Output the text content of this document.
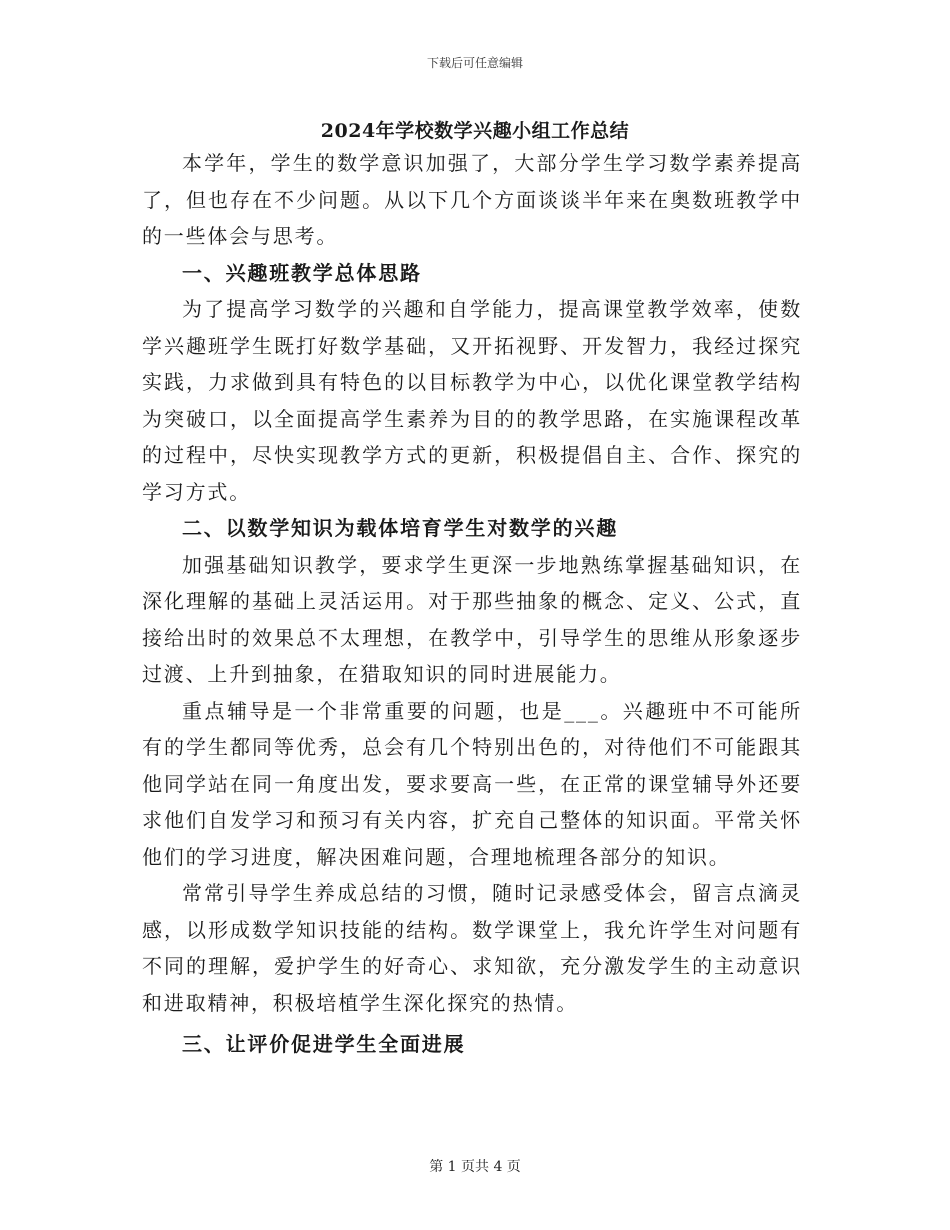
下载后可任意编辑
2024年学校数学兴趣小组工作总结

本学年，学生的数学意识加强了，大部分学生学习数学素养提高了，但也存在不少问题。从以下几个方面谈谈半年来在奥数班教学中的一些体会与思考。

一、兴趣班教学总体思路

为了提高学习数学的兴趣和自学能力，提高课堂教学效率，使数学兴趣班学生既打好数学基础，又开拓视野、开发智力，我经过探究实践，力求做到具有特色的以目标教学为中心，以优化课堂教学结构为突破口，以全面提高学生素养为目的的教学思路，在实施课程改革的过程中，尽快实现教学方式的更新，积极提倡自主、合作、探究的学习方式。

二、以数学知识为载体培育学生对数学的兴趣

加强基础知识教学，要求学生更深一步地熟练掌握基础知识，在深化理解的基础上灵活运用。对于那些抽象的概念、定义、公式，直接给出时的效果总不太理想，在教学中，引导学生的思维从形象逐步过渡、上升到抽象，在猎取知识的同时进展能力。

重点辅导是一个非常重要的问题，也是___。兴趣班中不可能所有的学生都同等优秀，总会有几个特别出色的，对待他们不可能跟其他同学站在同一角度出发，要求要高一些，在正常的课堂辅导外还要求他们自发学习和预习有关内容，扩充自己整体的知识面。平常关怀他们的学习进度，解决困难问题，合理地梳理各部分的知识。

常常引导学生养成总结的习惯，随时记录感受体会，留言点滴灵感，以形成数学知识技能的结构。数学课堂上，我允许学生对问题有不同的理解，爱护学生的好奇心、求知欲，充分激发学生的主动意识和进取精神，积极培植学生深化探究的热情。

三、让评价促进学生全面进展

第 1 页共 4 页
